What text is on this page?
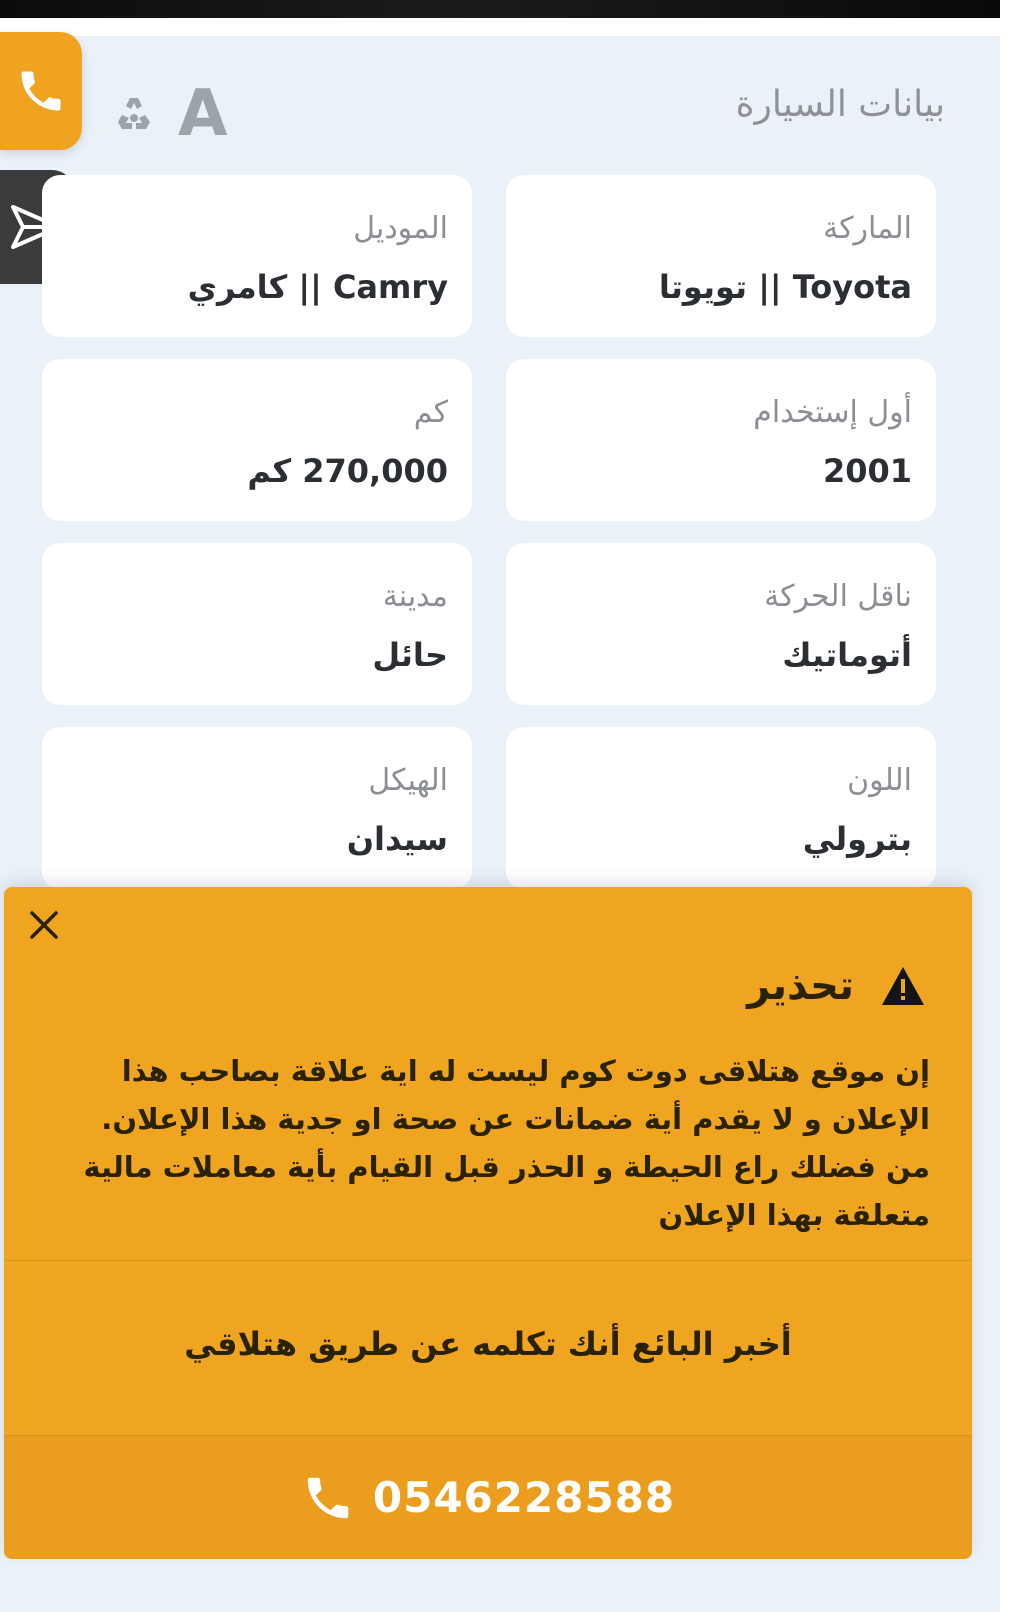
بيانات السيارة
A
الماركة
Toyota || تويوتا
الموديل
Camry || كامري
أول إستخدام
2001
كم
270,000 كم
ناقل الحركة
أتوماتيك
مدينة
حائل
اللون
بترولي
الهيكل
سيدان
تحذير
إن موقع هتلاقى دوت كوم ليست له اية علاقة بصاحب هذا الإعلان و لا يقدم أية ضمانات عن صحة او جدية هذا الإعلان. من فضلك راع الحيطة و الحذر قبل القيام بأية معاملات مالية متعلقة بهذا الإعلان
أخبر البائع أنك تكلمه عن طريق هتلاقي
0546228588
